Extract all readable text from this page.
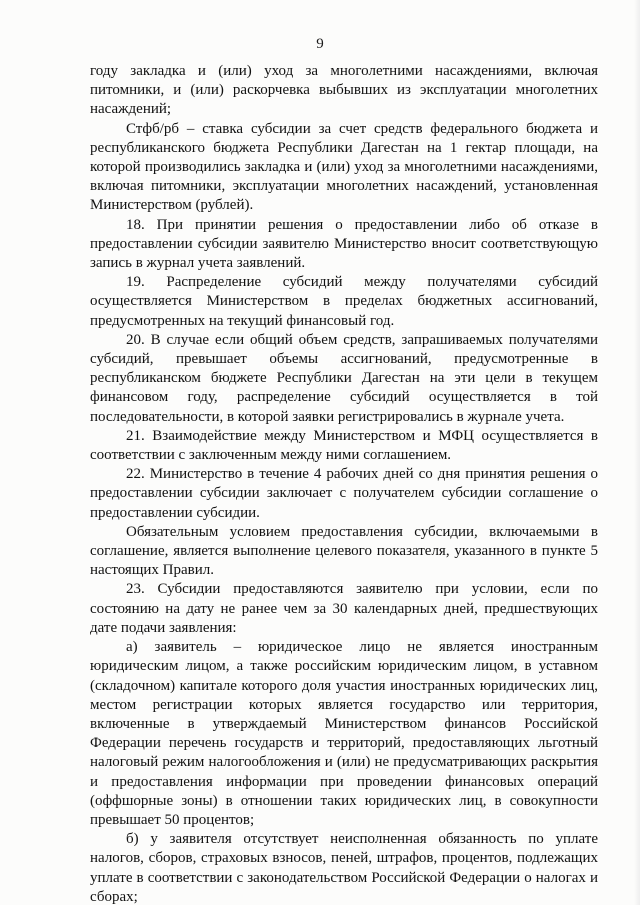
9

году закладка и (или) уход за многолетними насаждениями, включая питомники, и (или) раскорчевка выбывших из эксплуатации многолетних насаждений;

Стфб/рб – ставка субсидии за счет средств федерального бюджета и республиканского бюджета Республики Дагестан на 1 гектар площади, на которой производились закладка и (или) уход за многолетними насаждениями, включая питомники, эксплуатации многолетних насаждений, установленная Министерством (рублей).

18. При принятии решения о предоставлении либо об отказе в предоставлении субсидии заявителю Министерство вносит соответствующую запись в журнал учета заявлений.

19. Распределение субсидий между получателями субсидий осуществляется Министерством в пределах бюджетных ассигнований, предусмотренных на текущий финансовый год.

20. В случае если общий объем средств, запрашиваемых получателями субсидий, превышает объемы ассигнований, предусмотренные в республиканском бюджете Республики Дагестан на эти цели в текущем финансовом году, распределение субсидий осуществляется в той последовательности, в которой заявки регистрировались в журнале учета.

21. Взаимодействие между Министерством и МФЦ осуществляется в соответствии с заключенным между ними соглашением.

22. Министерство в течение 4 рабочих дней со дня принятия решения о предоставлении субсидии заключает с получателем субсидии соглашение о предоставлении субсидии.

Обязательным условием предоставления субсидии, включаемыми в соглашение, является выполнение целевого показателя, указанного в пункте 5 настоящих Правил.

23. Субсидии предоставляются заявителю при условии, если по состоянию на дату не ранее чем за 30 календарных дней, предшествующих дате подачи заявления:

а) заявитель – юридическое лицо не является иностранным юридическим лицом, а также российским юридическим лицом, в уставном (складочном) капитале которого доля участия иностранных юридических лиц, местом регистрации которых является государство или территория, включенные в утверждаемый Министерством финансов Российской Федерации перечень государств и территорий, предоставляющих льготный налоговый режим налогообложения и (или) не предусматривающих раскрытия и предоставления информации при проведении финансовых операций (оффшорные зоны) в отношении таких юридических лиц, в совокупности превышает 50 процентов;

б) у заявителя отсутствует неисполненная обязанность по уплате налогов, сборов, страховых взносов, пеней, штрафов, процентов, подлежащих уплате в соответствии с законодательством Российской Федерации о налогах и сборах;
